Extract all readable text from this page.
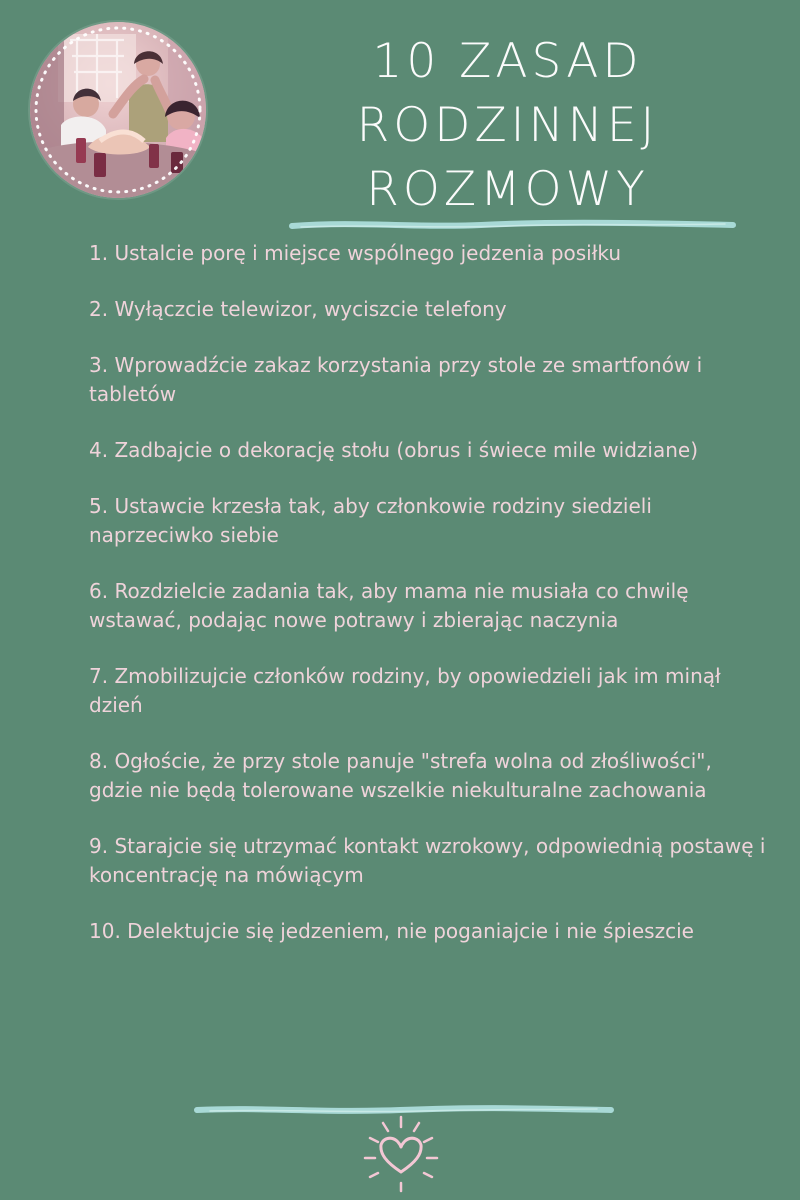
10 ZASAD RODZINNEJ
ROZMOWY
1. Ustalcie porę i miejsce wspólnego jedzenia posiłku
2. Wyłączcie telewizor, wyciszcie telefony
3. Wprowadźcie zakaz korzystania przy stole ze smartfonów i tabletów
4. Zadbajcie o dekorację stołu (obrus i świece mile widziane)
5. Ustawcie krzesła tak, aby członkowie rodziny siedzieli naprzeciwko siebie
6. Rozdzielcie zadania tak, aby mama nie musiała co chwilę wstawać, podając nowe potrawy i zbierając naczynia
7. Zmobilizujcie członków rodziny, by opowiedzieli jak im minął dzień
8. Ogłoście, że przy stole panuje "strefa wolna od złośliwości", gdzie nie będą tolerowane wszelkie niekulturalne zachowania
9. Starajcie się utrzymać kontakt wzrokowy, odpowiednią postawę i koncentrację na mówiącym
10. Delektujcie się jedzeniem, nie poganiajcie i nie śpieszcie
